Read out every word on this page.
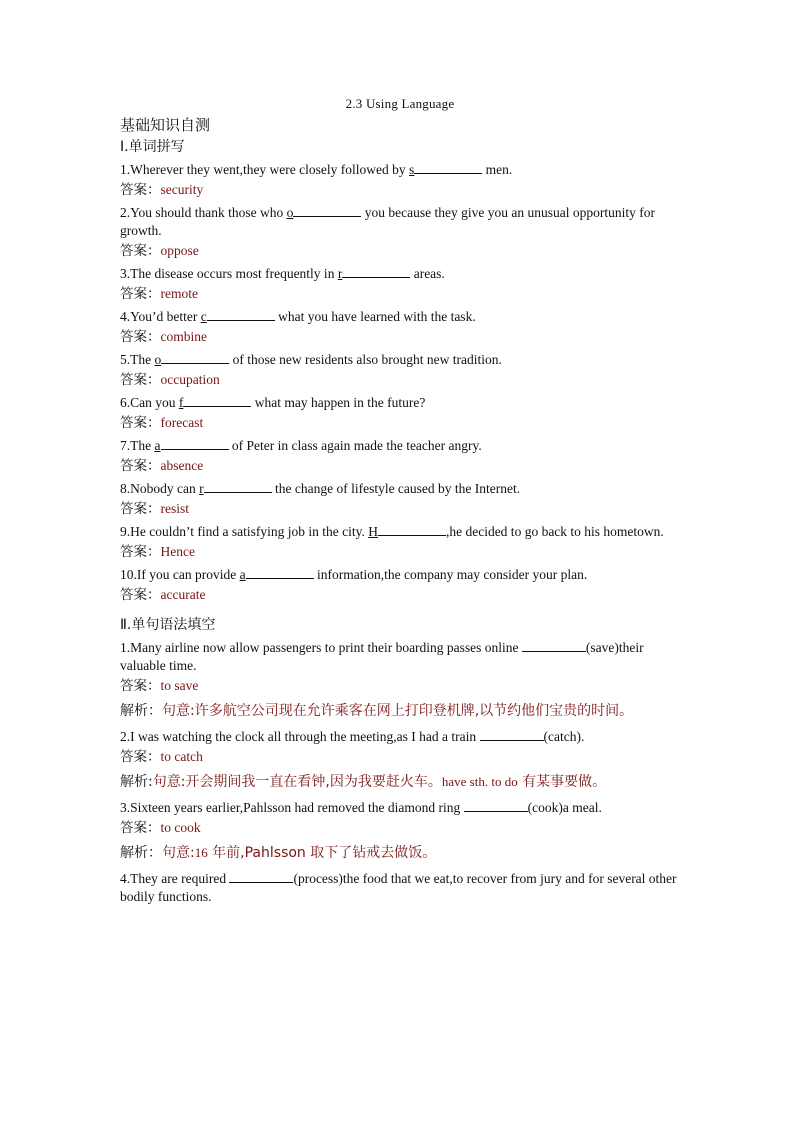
2.3 Using Language
基础知识自测
Ⅰ.单词拼写
1.Wherever they went,they were closely followed by s	men.
答案：security
2.You should thank those who o	you because they give you an unusual opportunity for growth.
答案：oppose
3.The disease occurs most frequently in r	areas.
答案：remote
4.You’d better c	what you have learned with the task.
答案：combine
5.The o	of those new residents also brought new tradition.
答案：occupation
6.Can you f	what may happen in the future?
答案：forecast
7.The a	of Peter in class again made the teacher angry.
答案：absence
8.Nobody can r	the change of lifestyle caused by the Internet.
答案：resist
9.He couldn’t find a satisfying job in the city. H	,he decided to go back to his hometown.
答案：Hence
10.If you can provide a	information,the company may consider your plan.
答案：accurate
Ⅱ.单句语法填空
1.Many airline now allow passengers to print their boarding passes online	(save)their valuable time.
答案：to save
解析：句意:许多航空公司现在允许乘客在网上打印登机牌,以节约他们宝贵的时间。
2.I was watching the clock all through the meeting,as I had a train	(catch).
答案：to catch
解析:句意:开会期间我一直在看钟,因为我要赶火车。have sth. to do 有某事要做。
3.Sixteen years earlier,Pahlsson had removed the diamond ring	(cook)a meal.
答案：to cook
解析：句意:16 年前,Pahlsson 取下了钻戒去做饭。
4.They are required	(process)the food that we eat,to recover from jury and for several other bodily functions.
